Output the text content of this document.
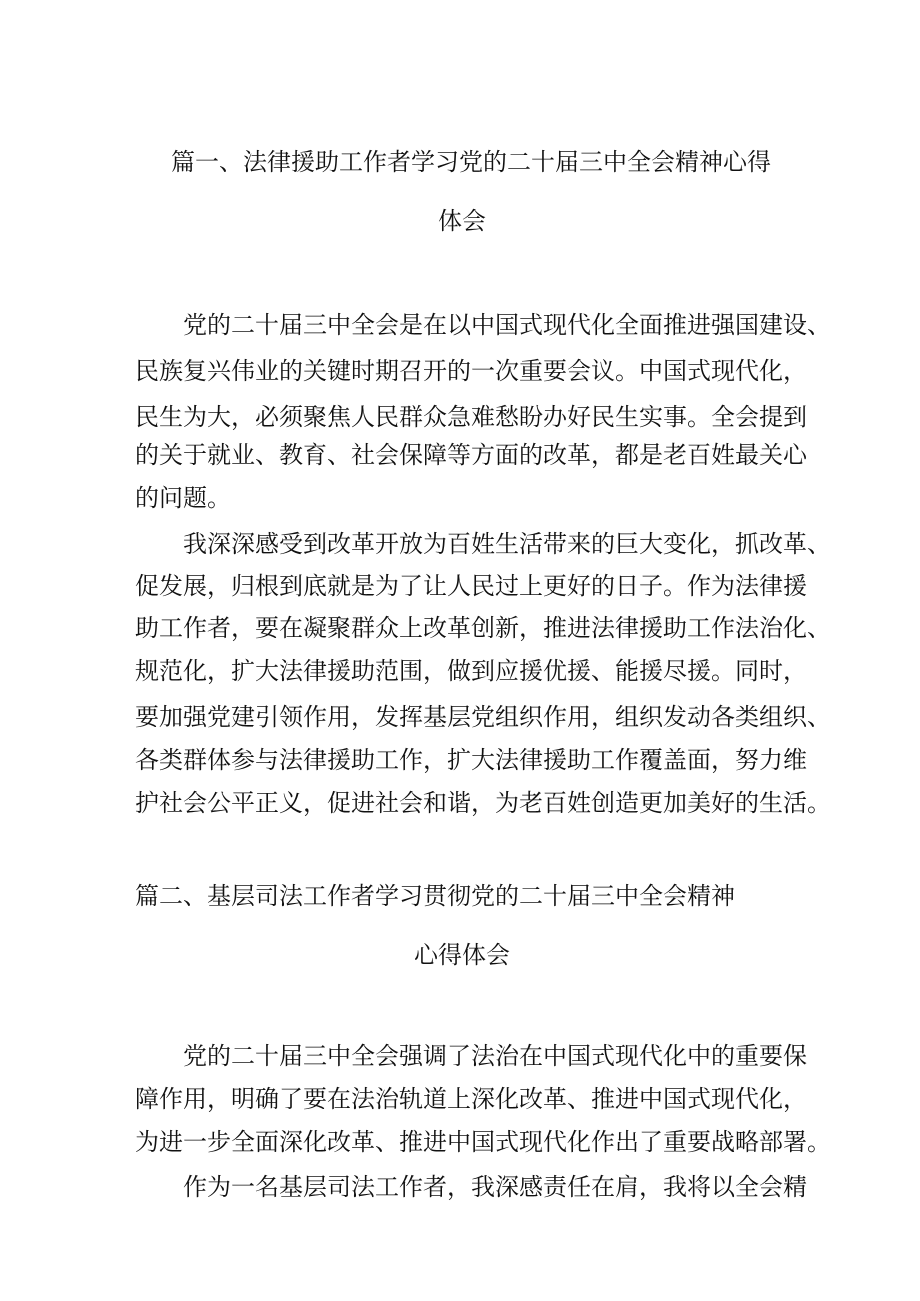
篇一、法律援助工作者学习党的二十届三中全会精神心得
体会
党的二十届三中全会是在以中国式现代化全面推进强国建设、
民族复兴伟业的关键时期召开的一次重要会议。中国式现代化，
民生为大，必须聚焦人民群众急难愁盼办好民生实事。全会提到
的关于就业、教育、社会保障等方面的改革，都是老百姓最关心
的问题。
我深深感受到改革开放为百姓生活带来的巨大变化，抓改革、
促发展，归根到底就是为了让人民过上更好的日子。作为法律援
助工作者，要在凝聚群众上改革创新，推进法律援助工作法治化、
规范化，扩大法律援助范围，做到应援优援、能援尽援。同时，
要加强党建引领作用，发挥基层党组织作用，组织发动各类组织、
各类群体参与法律援助工作，扩大法律援助工作覆盖面，努力维
护社会公平正义，促进社会和谐，为老百姓创造更加美好的生活。
篇二、基层司法工作者学习贯彻党的二十届三中全会精神
心得体会
党的二十届三中全会强调了法治在中国式现代化中的重要保
障作用，明确了要在法治轨道上深化改革、推进中国式现代化，
为进一步全面深化改革、推进中国式现代化作出了重要战略部署。
作为一名基层司法工作者，我深感责任在肩，我将以全会精
